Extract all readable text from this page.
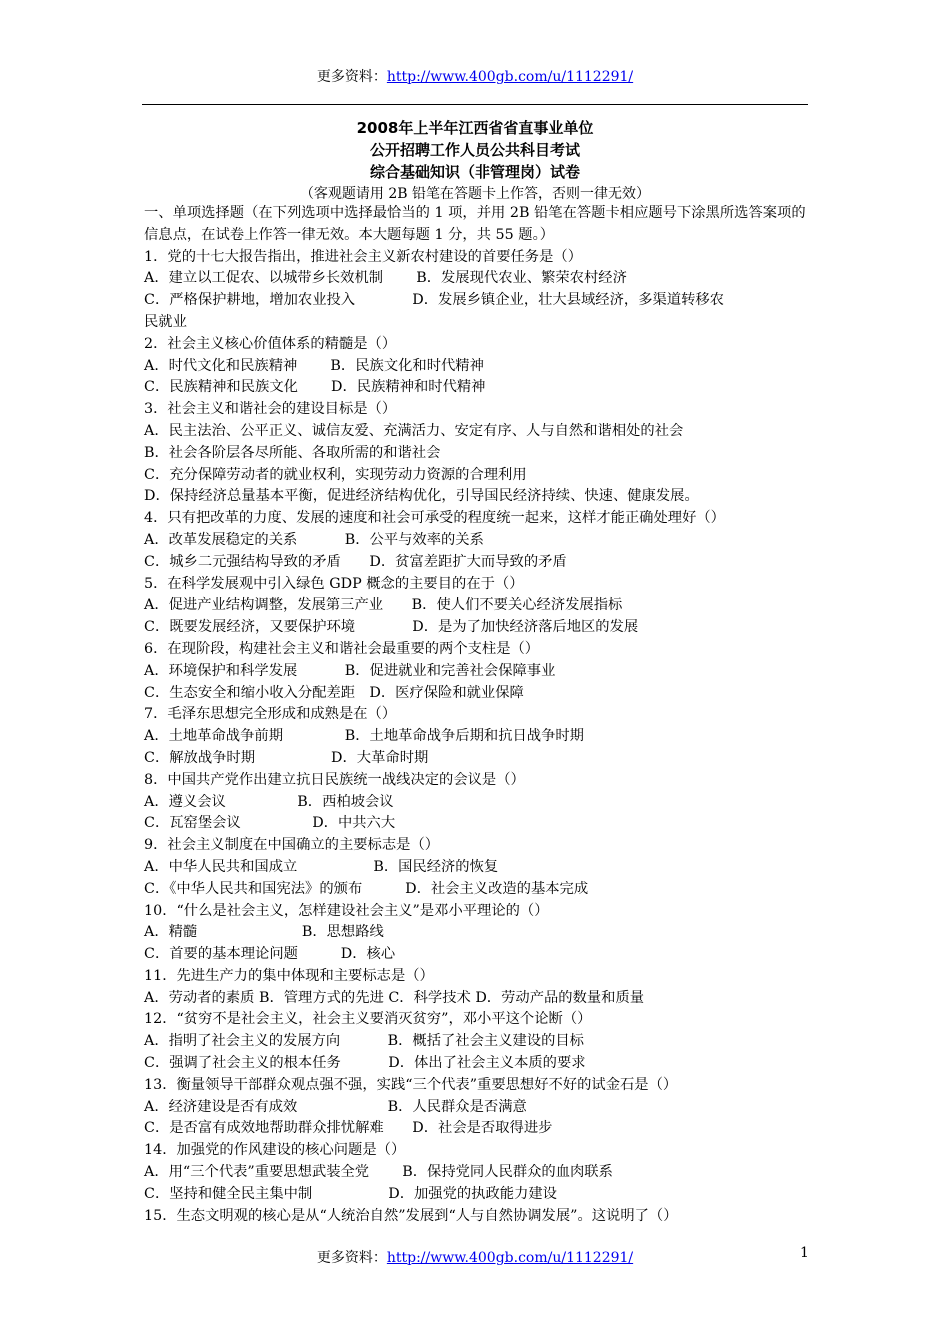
更多资料：http://www.400gb.com/u/1112291/
2008年上半年江西省省直事业单位
公开招聘工作人员公共科目考试
综合基础知识（非管理岗）试卷
（客观题请用 2B 铅笔在答题卡上作答，否则一律无效）

一、单项选择题（在下列选项中选择最恰当的 1 项，并用 2B 铅笔在答题卡相应题号下涂黑所选答案项的信息点，在试卷上作答一律无效。本大题每题 1 分，共 55 题。）

1．党的十七大报告指出，推进社会主义新农村建设的首要任务是（）

A．建立以工促农、以城带乡长效机制　　 B．发展现代农业、繁荣农村经济

C．严格保护耕地，增加农业投入　　　　D．发展乡镇企业，壮大县域经济，多渠道转移农

民就业

2．社会主义核心价值体系的精髓是（）

A．时代文化和民族精神　　 B．民族文化和时代精神

C．民族精神和民族文化　　 D．民族精神和时代精神

3．社会主义和谐社会的建设目标是（）

A．民主法治、公平正义、诚信友爱、充满活力、安定有序、人与自然和谐相处的社会

B．社会各阶层各尽所能、各取所需的和谐社会

C．充分保障劳动者的就业权利，实现劳动力资源的合理利用

D．保持经济总量基本平衡，促进经济结构优化，引导国民经济持续、快速、健康发展。

4．只有把改革的力度、发展的速度和社会可承受的程度统一起来，这样才能正确处理好（）

A．改革发展稳定的关系　　　 B．公平与效率的关系

C．城乡二元强结构导致的矛盾　　D．贫富差距扩大而导致的矛盾

5．在科学发展观中引入绿色 GDP 概念的主要目的在于（）

A．促进产业结构调整，发展第三产业　　B．使人们不要关心经济发展指标

C．既要发展经济，又要保护环境　　　　D．是为了加快经济落后地区的发展

6．在现阶段，构建社会主义和谐社会最重要的两个支柱是（）

A．环境保护和科学发展　　　 B．促进就业和完善社会保障事业

C．生态安全和缩小收入分配差距　D．医疗保险和就业保障

7．毛泽东思想完全形成和成熟是在（）

A．土地革命战争前期　　　　 B．土地革命战争后期和抗日战争时期

C．解放战争时期　　　　　 D．大革命时期

8．中国共产党作出建立抗日民族统一战线决定的会议是（）

A．遵义会议　　　　　B．西柏坡会议

C．瓦窑堡会议　　　　　D．中共六大

9．社会主义制度在中国确立的主要标志是（）

A．中华人民共和国成立　　　　　 B．国民经济的恢复

C．《中华人民共和国宪法》的颁布　　　D．社会主义改造的基本完成

10．“什么是社会主义，怎样建设社会主义”是邓小平理论的（）

A．精髓　　　　　　　 B．思想路线

C．首要的基本理论问题　　　D．核心

11．先进生产力的集中体现和主要标志是（）

A．劳动者的素质 B．管理方式的先进 C．科学技术 D．劳动产品的数量和质量

12．“贫穷不是社会主义，社会主义要消灭贫穷”，邓小平这个论断（）

A．指明了社会主义的发展方向　　　 B．概括了社会主义建设的目标

C．强调了社会主义的根本任务　　　 D．体出了社会主义本质的要求

13．衡量领导干部群众观点强不强，实践“三个代表”重要思想好不好的试金石是（）

A．经济建设是否有成效　　　　　　 B．人民群众是否满意

C．是否富有成效地帮助群众排忧解难　　D．社会是否取得进步

14．加强党的作风建设的核心问题是（）

A．用“三个代表”重要思想武装全党　　 B．保持党同人民群众的血肉联系

C．坚持和健全民主集中制　　　　　 D．加强党的执政能力建设

15．生态文明观的核心是从“人统治自然”发展到“人与自然协调发展”。这说明了（）

更多资料：http://www.400gb.com/u/1112291/	1
